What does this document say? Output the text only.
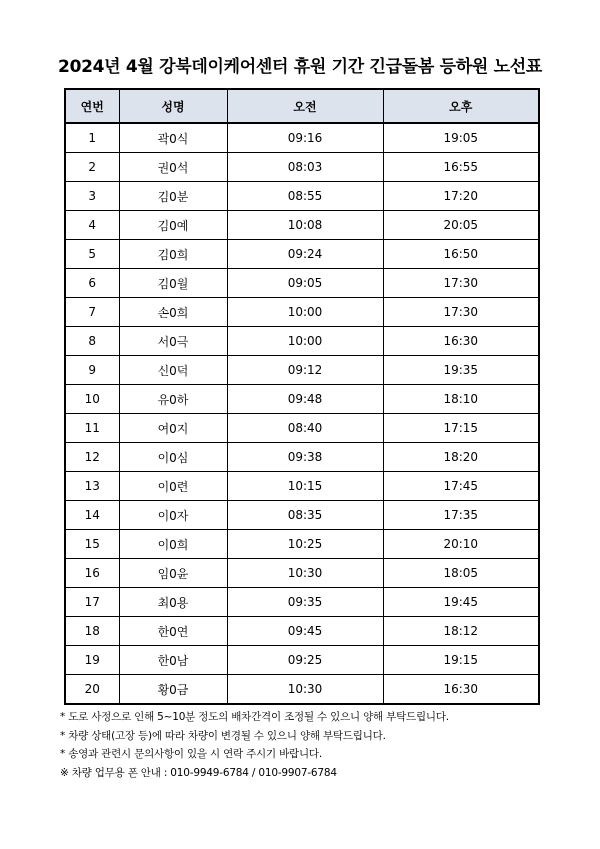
2024년 4월 강북데이케어센터 휴원 기간 긴급돌봄 등하원 노선표
연번	성명	오전	오후
1	곽0식	09:16	19:05
2	권0석	08:03	16:55
3	김0분	08:55	17:20
4	김0예	10:08	20:05
5	김0희	09:24	16:50
6	김0월	09:05	17:30
7	손0희	10:00	17:30
8	서0극	10:00	16:30
9	신0덕	09:12	19:35
10	유0하	09:48	18:10
11	여0지	08:40	17:15
12	이0심	09:38	18:20
13	이0련	10:15	17:45
14	이0자	08:35	17:35
15	이0희	10:25	20:10
16	임0윤	10:30	18:05
17	최0용	09:35	19:45
18	한0연	09:45	18:12
19	한0남	09:25	19:15
20	황0금	10:30	16:30
* 도로 사정으로 인해 5~10분 정도의 배차간격이 조정될 수 있으니 양해 부탁드립니다.
* 차량 상태(고장 등)에 따라 차량이 변경될 수 있으니 양해 부탁드립니다.
* 송영과 관련시 문의사항이 있을 시 연락 주시기 바랍니다.
※ 차량 업무용 폰 안내 : 010-9949-6784 / 010-9907-6784
